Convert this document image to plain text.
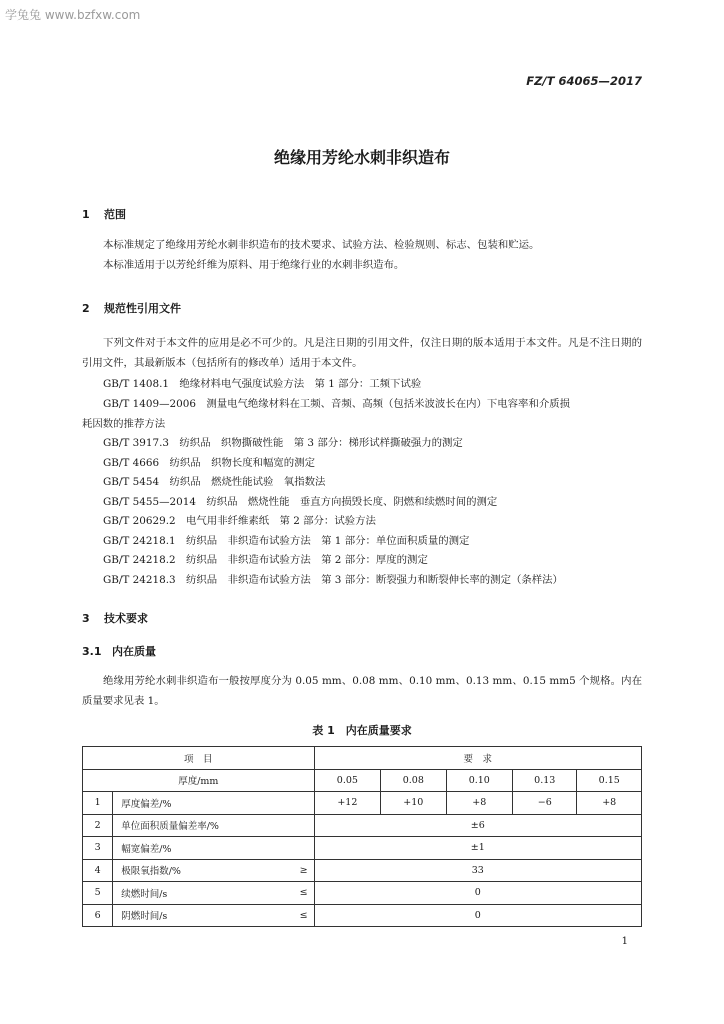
学兔兔 www.bzfxw.com
FZ/T 64065—2017
绝缘用芳纶水刺非织造布
1 范围
本标准规定了绝缘用芳纶水刺非织造布的技术要求、试验方法、检验规则、标志、包装和贮运。
本标准适用于以芳纶纤维为原料、用于绝缘行业的水刺非织造布。
2 规范性引用文件
下列文件对于本文件的应用是必不可少的。凡是注日期的引用文件，仅注日期的版本适用于本文件。凡是不注日期的引用文件，其最新版本（包括所有的修改单）适用于本文件。
GB/T 1408.1　绝缘材料电气强度试验方法　第 1 部分：工频下试验
GB/T 1409—2006　测量电气绝缘材料在工频、音频、高频（包括米波波长在内）下电容率和介质损
耗因数的推荐方法
GB/T 3917.3　纺织品　织物撕破性能　第 3 部分：梯形试样撕破强力的测定
GB/T 4666　纺织品　织物长度和幅宽的测定
GB/T 5454　纺织品　燃烧性能试验　氧指数法
GB/T 5455—2014　纺织品　燃烧性能　垂直方向损毁长度、阴燃和续燃时间的测定
GB/T 20629.2　电气用非纤维素纸　第 2 部分：试验方法
GB/T 24218.1　纺织品　非织造布试验方法　第 1 部分：单位面积质量的测定
GB/T 24218.2　纺织品　非织造布试验方法　第 2 部分：厚度的测定
GB/T 24218.3　纺织品　非织造布试验方法　第 3 部分：断裂强力和断裂伸长率的测定（条样法）
3 技术要求
3.1 内在质量
绝缘用芳纶水刺非织造布一般按厚度分为 0.05 mm、0.08 mm、0.10 mm、0.13 mm、0.15 mm5 个规格。内在质量要求见表 1。
表 1　内在质量要求
项　目			要　求				
厚度/mm			0.05	0.08	0.10	0.13	0.15
1	厚度偏差/%		+12	+10	+8	−6	+8
2	单位面积质量偏差率/%		±6				
3	幅宽偏差/%		±1				
4	极限氧指数/%	≥	33				
5	续燃时间/s	≤	0				
6	阴燃时间/s	≤	0				
1
